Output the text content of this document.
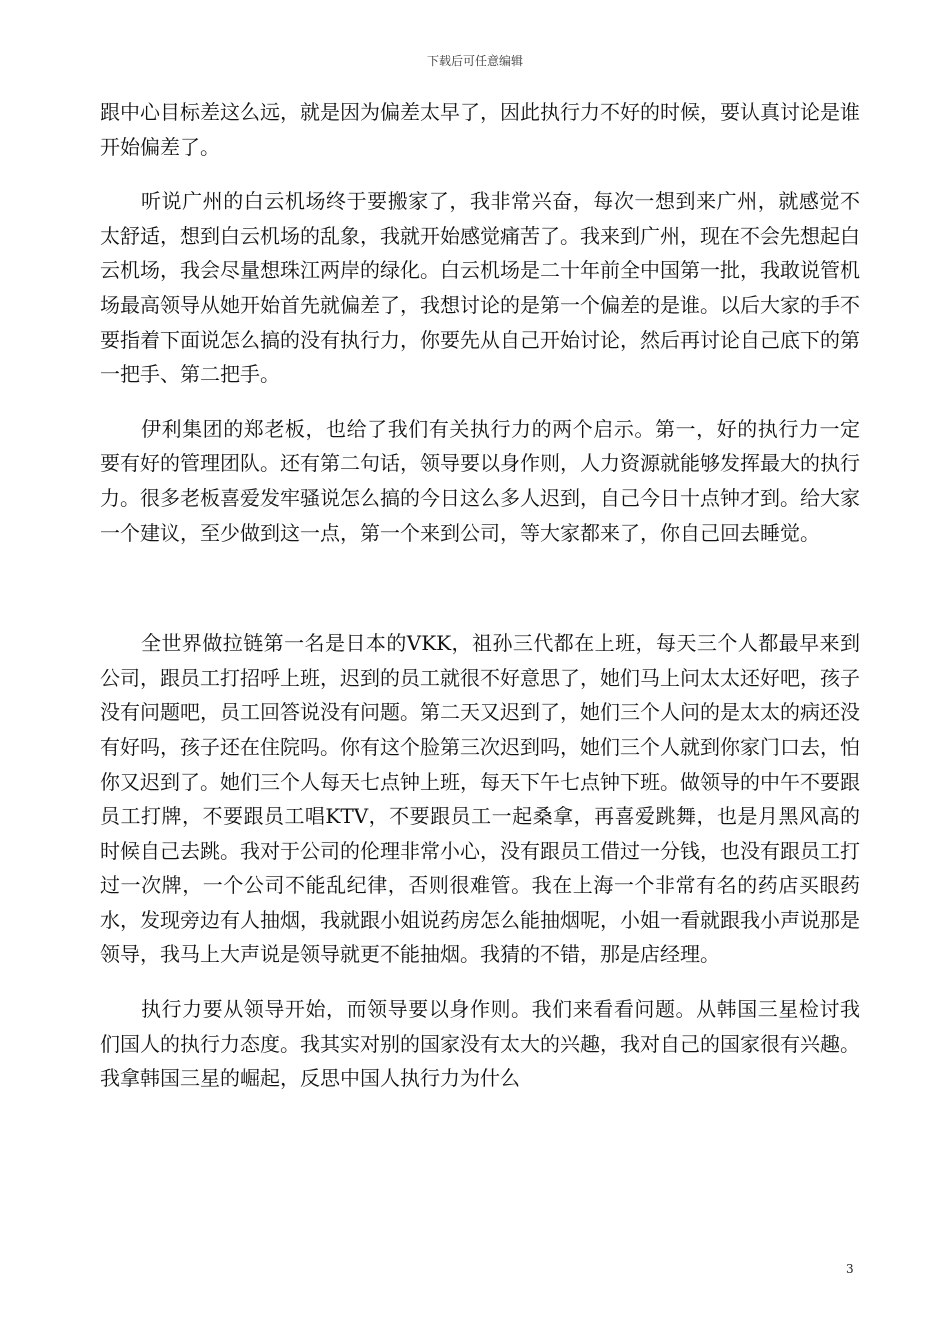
下载后可任意编辑

跟中心目标差这么远，就是因为偏差太早了，因此执行力不好的时候，要认真讨论是谁开始偏差了。

听说广州的白云机场终于要搬家了，我非常兴奋，每次一想到来广州，就感觉不太舒适，想到白云机场的乱象，我就开始感觉痛苦了。我来到广州，现在不会先想起白云机场，我会尽量想珠江两岸的绿化。白云机场是二十年前全中国第一批，我敢说管机场最高领导从她开始首先就偏差了，我想讨论的是第一个偏差的是谁。以后大家的手不要指着下面说怎么搞的没有执行力，你要先从自己开始讨论，然后再讨论自己底下的第一把手、第二把手。

伊利集团的郑老板，也给了我们有关执行力的两个启示。第一，好的执行力一定要有好的管理团队。还有第二句话，领导要以身作则，人力资源就能够发挥最大的执行力。很多老板喜爱发牢骚说怎么搞的今日这么多人迟到，自己今日十点钟才到。给大家一个建议，至少做到这一点，第一个来到公司，等大家都来了，你自己回去睡觉。

全世界做拉链第一名是日本的VKK，祖孙三代都在上班，每天三个人都最早来到公司，跟员工打招呼上班，迟到的员工就很不好意思了，她们马上问太太还好吧，孩子没有问题吧，员工回答说没有问题。第二天又迟到了，她们三个人问的是太太的病还没有好吗，孩子还在住院吗。你有这个脸第三次迟到吗，她们三个人就到你家门口去，怕你又迟到了。她们三个人每天七点钟上班，每天下午七点钟下班。做领导的中午不要跟员工打牌，不要跟员工唱KTV，不要跟员工一起桑拿，再喜爱跳舞，也是月黑风高的时候自己去跳。我对于公司的伦理非常小心，没有跟员工借过一分钱，也没有跟员工打过一次牌，一个公司不能乱纪律，否则很难管。我在上海一个非常有名的药店买眼药水，发现旁边有人抽烟，我就跟小姐说药房怎么能抽烟呢，小姐一看就跟我小声说那是领导，我马上大声说是领导就更不能抽烟。我猜的不错，那是店经理。

执行力要从领导开始，而领导要以身作则。我们来看看问题。从韩国三星检讨我们国人的执行力态度。我其实对别的国家没有太大的兴趣，我对自己的国家很有兴趣。我拿韩国三星的崛起，反思中国人执行力为什么

3
